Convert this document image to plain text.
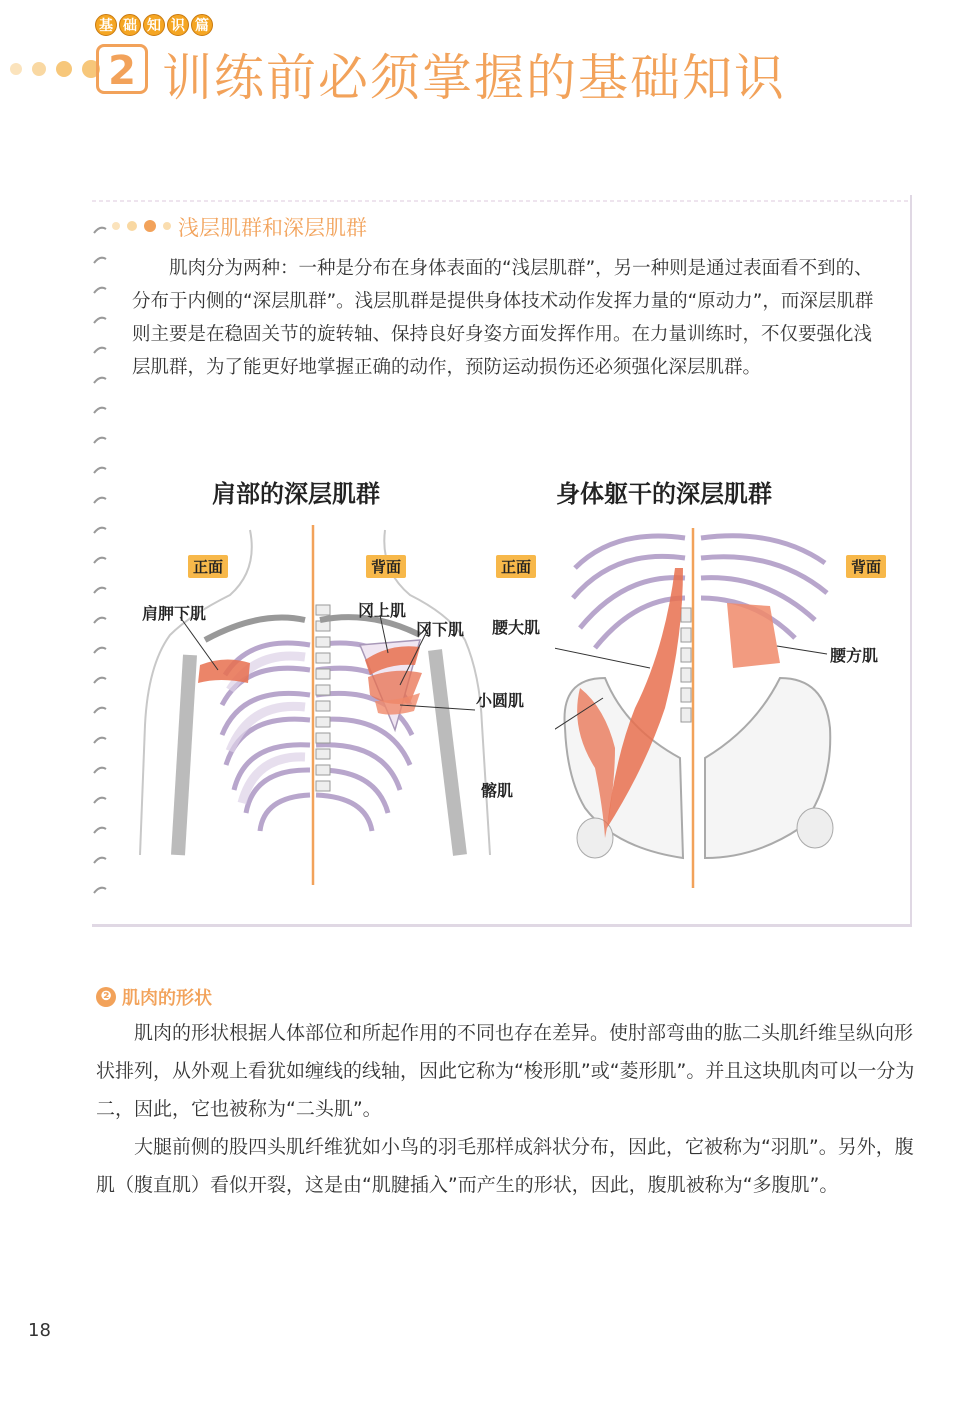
基 础 知 识 篇
2 训练前必须掌握的基础知识
浅层肌群和深层肌群

肌肉分为两种：一种是分布在身体表面的“浅层肌群”，另一种则是通过表面看不到的、分布于内侧的“深层肌群”。浅层肌群是提供身体技术动作发挥力量的“原动力”，而深层肌群则主要是在稳固关节的旋转轴、保持良好身姿方面发挥作用。在力量训练时，不仅要强化浅层肌群，为了能更好地掌握正确的动作，预防运动损伤还必须强化深层肌群。

肩部的深层肌群	身体躯干的深层肌群
正面	背面	正面	背面
肩胛下肌	冈上肌
冈下肌
小圆肌
腰大肌
髂肌
腰方肌
❷ 肌肉的形状

肌肉的形状根据人体部位和所起作用的不同也存在差异。使肘部弯曲的肱二头肌纤维呈纵向形状排列，从外观上看犹如缠线的线轴，因此它称为“梭形肌”或“菱形肌”。并且这块肌肉可以一分为二，因此，它也被称为“二头肌”。

大腿前侧的股四头肌纤维犹如小鸟的羽毛那样成斜状分布，因此，它被称为“羽肌”。另外，腹肌（腹直肌）看似开裂，这是由“肌腱插入”而产生的形状，因此，腹肌被称为“多腹肌”。

18
